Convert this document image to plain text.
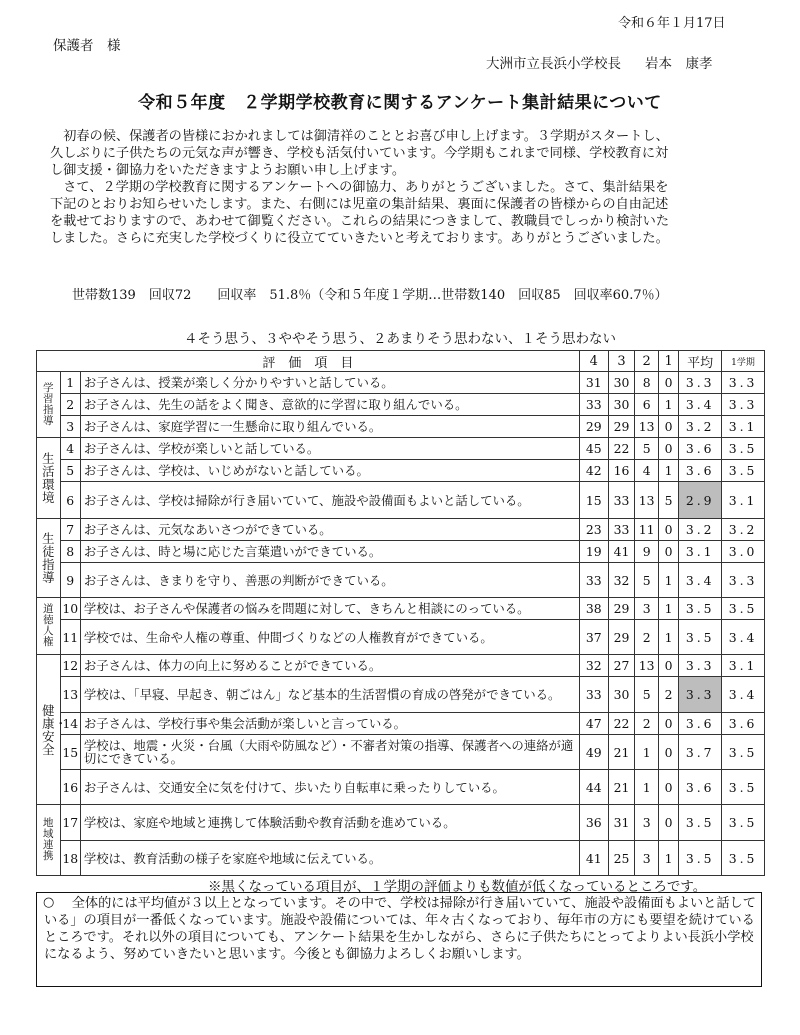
令和６年１月17日
保護者　様
大洲市立長浜小学校長 岩本　康孝
令和５年度　２学期学校教育に関するアンケート集計結果について

初春の候、保護者の皆様におかれましては御清祥のこととお喜び申し上げます。３学期がスタートし、

久しぶりに子供たちの元気な声が響き、学校も活気付いています。今学期もこれまで同様、学校教育に対

し御支援・御協力をいただきますようお願い申し上げます。

さて、２学期の学校教育に関するアンケートへの御協力、ありがとうございました。さて、集計結果を

下記のとおりお知らせいたします。また、右側には児童の集計結果、裏面に保護者の皆様からの自由記述

を載せておりますので、あわせて御覧ください。これらの結果につきまして、教職員でしっかり検討いた

しました。さらに充実した学校づくりに役立てていきたいと考えております。ありがとうございました。

世帯数139　回収72　　回収率　51.8％（令和５年度１学期…世帯数140　回収85　回収率60.7％）
４そう思う、３ややそう思う、２あまりそう思わない、１そう思わない
評　価　項　目			4	3	2	1	平均	1学期
学習指導	1	お子さんは、授業が楽しく分かりやすいと話している。	31	30	8	0	3.3	3.3
	2	お子さんは、先生の話をよく聞き、意欲的に学習に取り組んでいる。	33	30	6	1	3.4	3.3
	3	お子さんは、家庭学習に一生懸命に取り組んでいる。	29	29	13	0	3.2	3.1
生活環境	4	お子さんは、学校が楽しいと話している。	45	22	5	0	3.6	3.5
	5	お子さんは、学校は、いじめがないと話している。	42	16	4	1	3.6	3.5
	6	お子さんは、学校は掃除が行き届いていて、施設や設備面もよいと話している。	15	33	13	5	2.9	3.1
生徒指導	7	お子さんは、元気なあいさつができている。	23	33	11	0	3.2	3.2
	8	お子さんは、時と場に応じた言葉遣いができている。	19	41	9	0	3.1	3.0
	9	お子さんは、きまりを守り、善悪の判断ができている。	33	32	5	1	3.4	3.3
道徳人権	10	学校は、お子さんや保護者の悩みを問題に対して、きちんと相談にのっている。	38	29	3	1	3.5	3.5
	11	学校では、生命や人権の尊重、仲間づくりなどの人権教育ができている。	37	29	2	1	3.5	3.4
健康・安全	12	お子さんは、体力の向上に努めることができている。	32	27	13	0	3.3	3.1
	13	学校は、「早寝、早起き、朝ごはん」など基本的生活習慣の育成の啓発ができている。	33	30	5	2	3.3	3.4
	14	お子さんは、学校行事や集会活動が楽しいと言っている。	47	22	2	0	3.6	3.6
	15	学校は、地震・火災・台風（大雨や防風など）・不審者対策の指導、保護者への連絡が適切にできている。	49	21	1	0	3.7	3.5
	16	お子さんは、交通安全に気を付けて、歩いたり自転車に乗ったりしている。	44	21	1	0	3.6	3.5
地域連携	17	学校は、家庭や地域と連携して体験活動や教育活動を進めている。	36	31	3	0	3.5	3.5
	18	学校は、教育活動の様子を家庭や地域に伝えている。	41	25	3	1	3.5	3.5
※黒くなっている項目が、１学期の評価よりも数値が低くなっているところです。
○	全体的には平均値が３以上となっています。その中で、学校は掃除が行き届いていて、施設や設備面もよいと話している」の項目が一番低くなっています。施設や設備については、年々古くなっており、毎年市の方にも要望を続けているところです。それ以外の項目についても、アンケート結果を生かしながら、さらに子供たちにとってよりよい長浜小学校になるよう、努めていきたいと思います。今後とも御協力よろしくお願いします。
